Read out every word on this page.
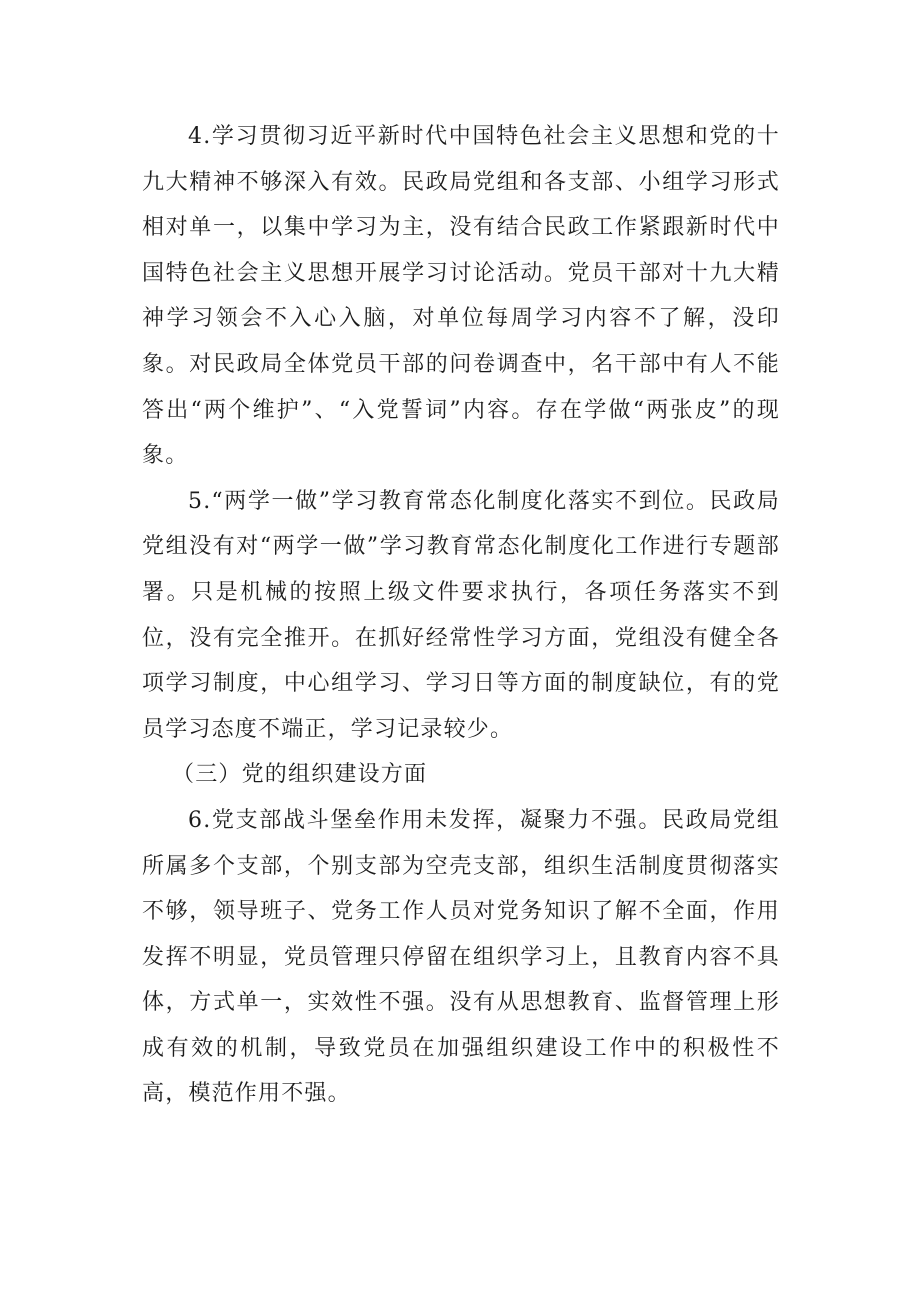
4.学习贯彻习近平新时代中国特色社会主义思想和党的十九大精神不够深入有效。民政局党组和各支部、小组学习形式相对单一，以集中学习为主，没有结合民政工作紧跟新时代中国特色社会主义思想开展学习讨论活动。党员干部对十九大精神学习领会不入心入脑，对单位每周学习内容不了解，没印象。对民政局全体党员干部的问卷调查中，名干部中有人不能答出“两个维护”、“入党誓词”内容。存在学做“两张皮”的现象。

5.“两学一做”学习教育常态化制度化落实不到位。民政局党组没有对“两学一做”学习教育常态化制度化工作进行专题部署。只是机械的按照上级文件要求执行，各项任务落实不到位，没有完全推开。在抓好经常性学习方面，党组没有健全各项学习制度，中心组学习、学习日等方面的制度缺位，有的党员学习态度不端正，学习记录较少。

（三）党的组织建设方面

6.党支部战斗堡垒作用未发挥，凝聚力不强。民政局党组所属多个支部，个别支部为空壳支部，组织生活制度贯彻落实不够，领导班子、党务工作人员对党务知识了解不全面，作用发挥不明显，党员管理只停留在组织学习上，且教育内容不具体，方式单一，实效性不强。没有从思想教育、监督管理上形成有效的机制，导致党员在加强组织建设工作中的积极性不高，模范作用不强。
